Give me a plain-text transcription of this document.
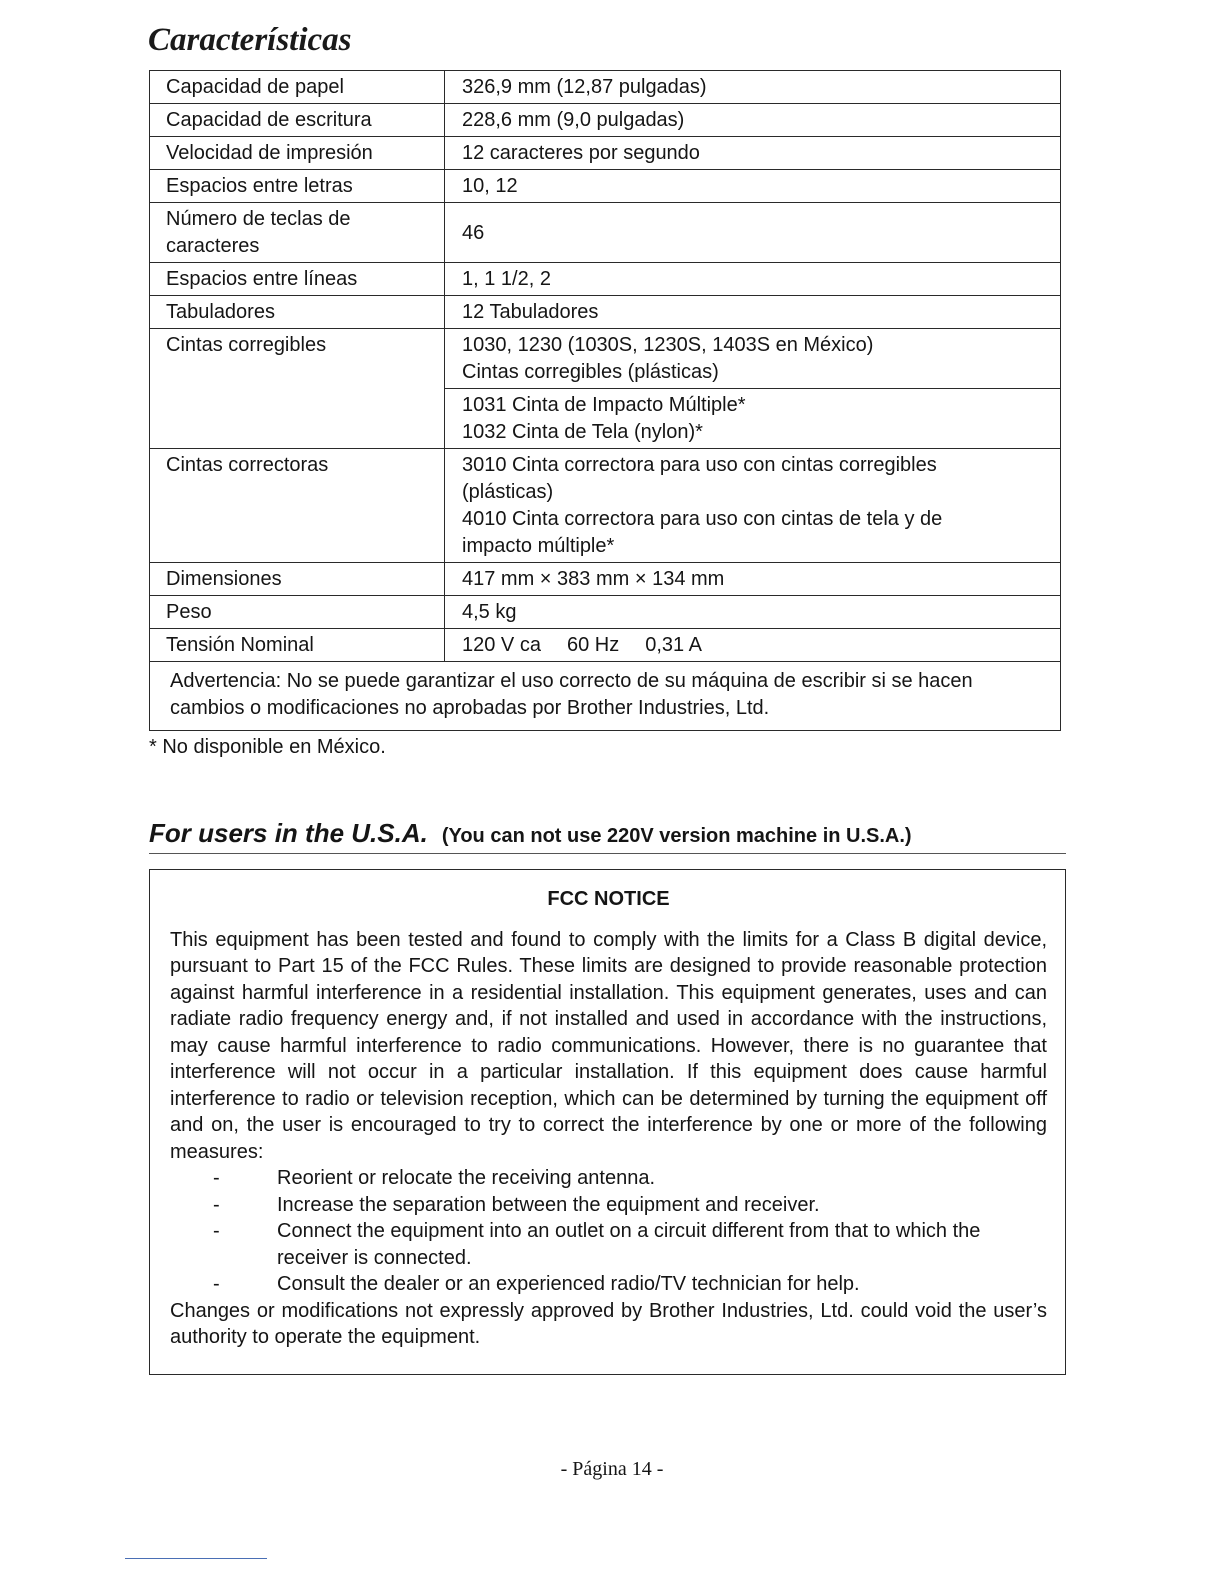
Características
Capacidad de papel	326,9 mm (12,87 pulgadas)
Capacidad de escritura	228,6 mm (9,0 pulgadas)
Velocidad de impresión	12 caracteres por segundo
Espacios entre letras	10, 12

Número de teclas de
caracteres	46
Espacios entre líneas	1, 1 1/2, 2
Tabuladores	12 Tabuladores
Cintas corregibles	1030, 1230 (1030S, 1230S, 1403S en México)
Cintas corregibles (plásticas)

	1031 Cinta de Impacto Múltiple*
1032 Cinta de Tela (nylon)*

Cintas correctoras	3010 Cinta correctora para uso con cintas corregibles
(plásticas)
4010 Cinta correctora para uso con cintas de tela y de
impacto múltiple*

Dimensiones	417 mm × 383 mm × 134 mm
Peso	4,5 kg
Tensión Nominal	120 V ca 60 Hz 0,31 A

Advertencia: No se puede garantizar el uso correcto de su máquina de escribir si se hacen
cambios o modificaciones no aprobadas por Brother Industries, Ltd.	
* No disponible en México.
For users in the U.S.A. (You can not use 220V version machine in U.S.A.)

FCC NOTICE

This equipment has been tested and found to comply with the limits for a Class B digital device, pursuant to Part 15 of the FCC Rules. These limits are designed to provide reasonable protection against harmful interference in a residential installation. This equipment generates, uses and can radiate radio frequency energy and, if not installed and used in accordance with the instructions, may cause harmful interference to radio communications. However, there is no guarantee that interference will not occur in a particular installation. If this equipment does cause harmful interference to radio or television reception, which can be determined by turning the equipment off and on, the user is encouraged to try to correct the interference by one or more of the following measures:

-	Reorient or relocate the receiving antenna.
-	Increase the separation between the equipment and receiver.
-	Connect the equipment into an outlet on a circuit different from that to which the receiver is connected.
-	Consult the dealer or an experienced radio/TV technician for help.

Changes or modifications not expressly approved by Brother Industries, Ltd. could void the user’s authority to operate the equipment.

- Página 14 -
